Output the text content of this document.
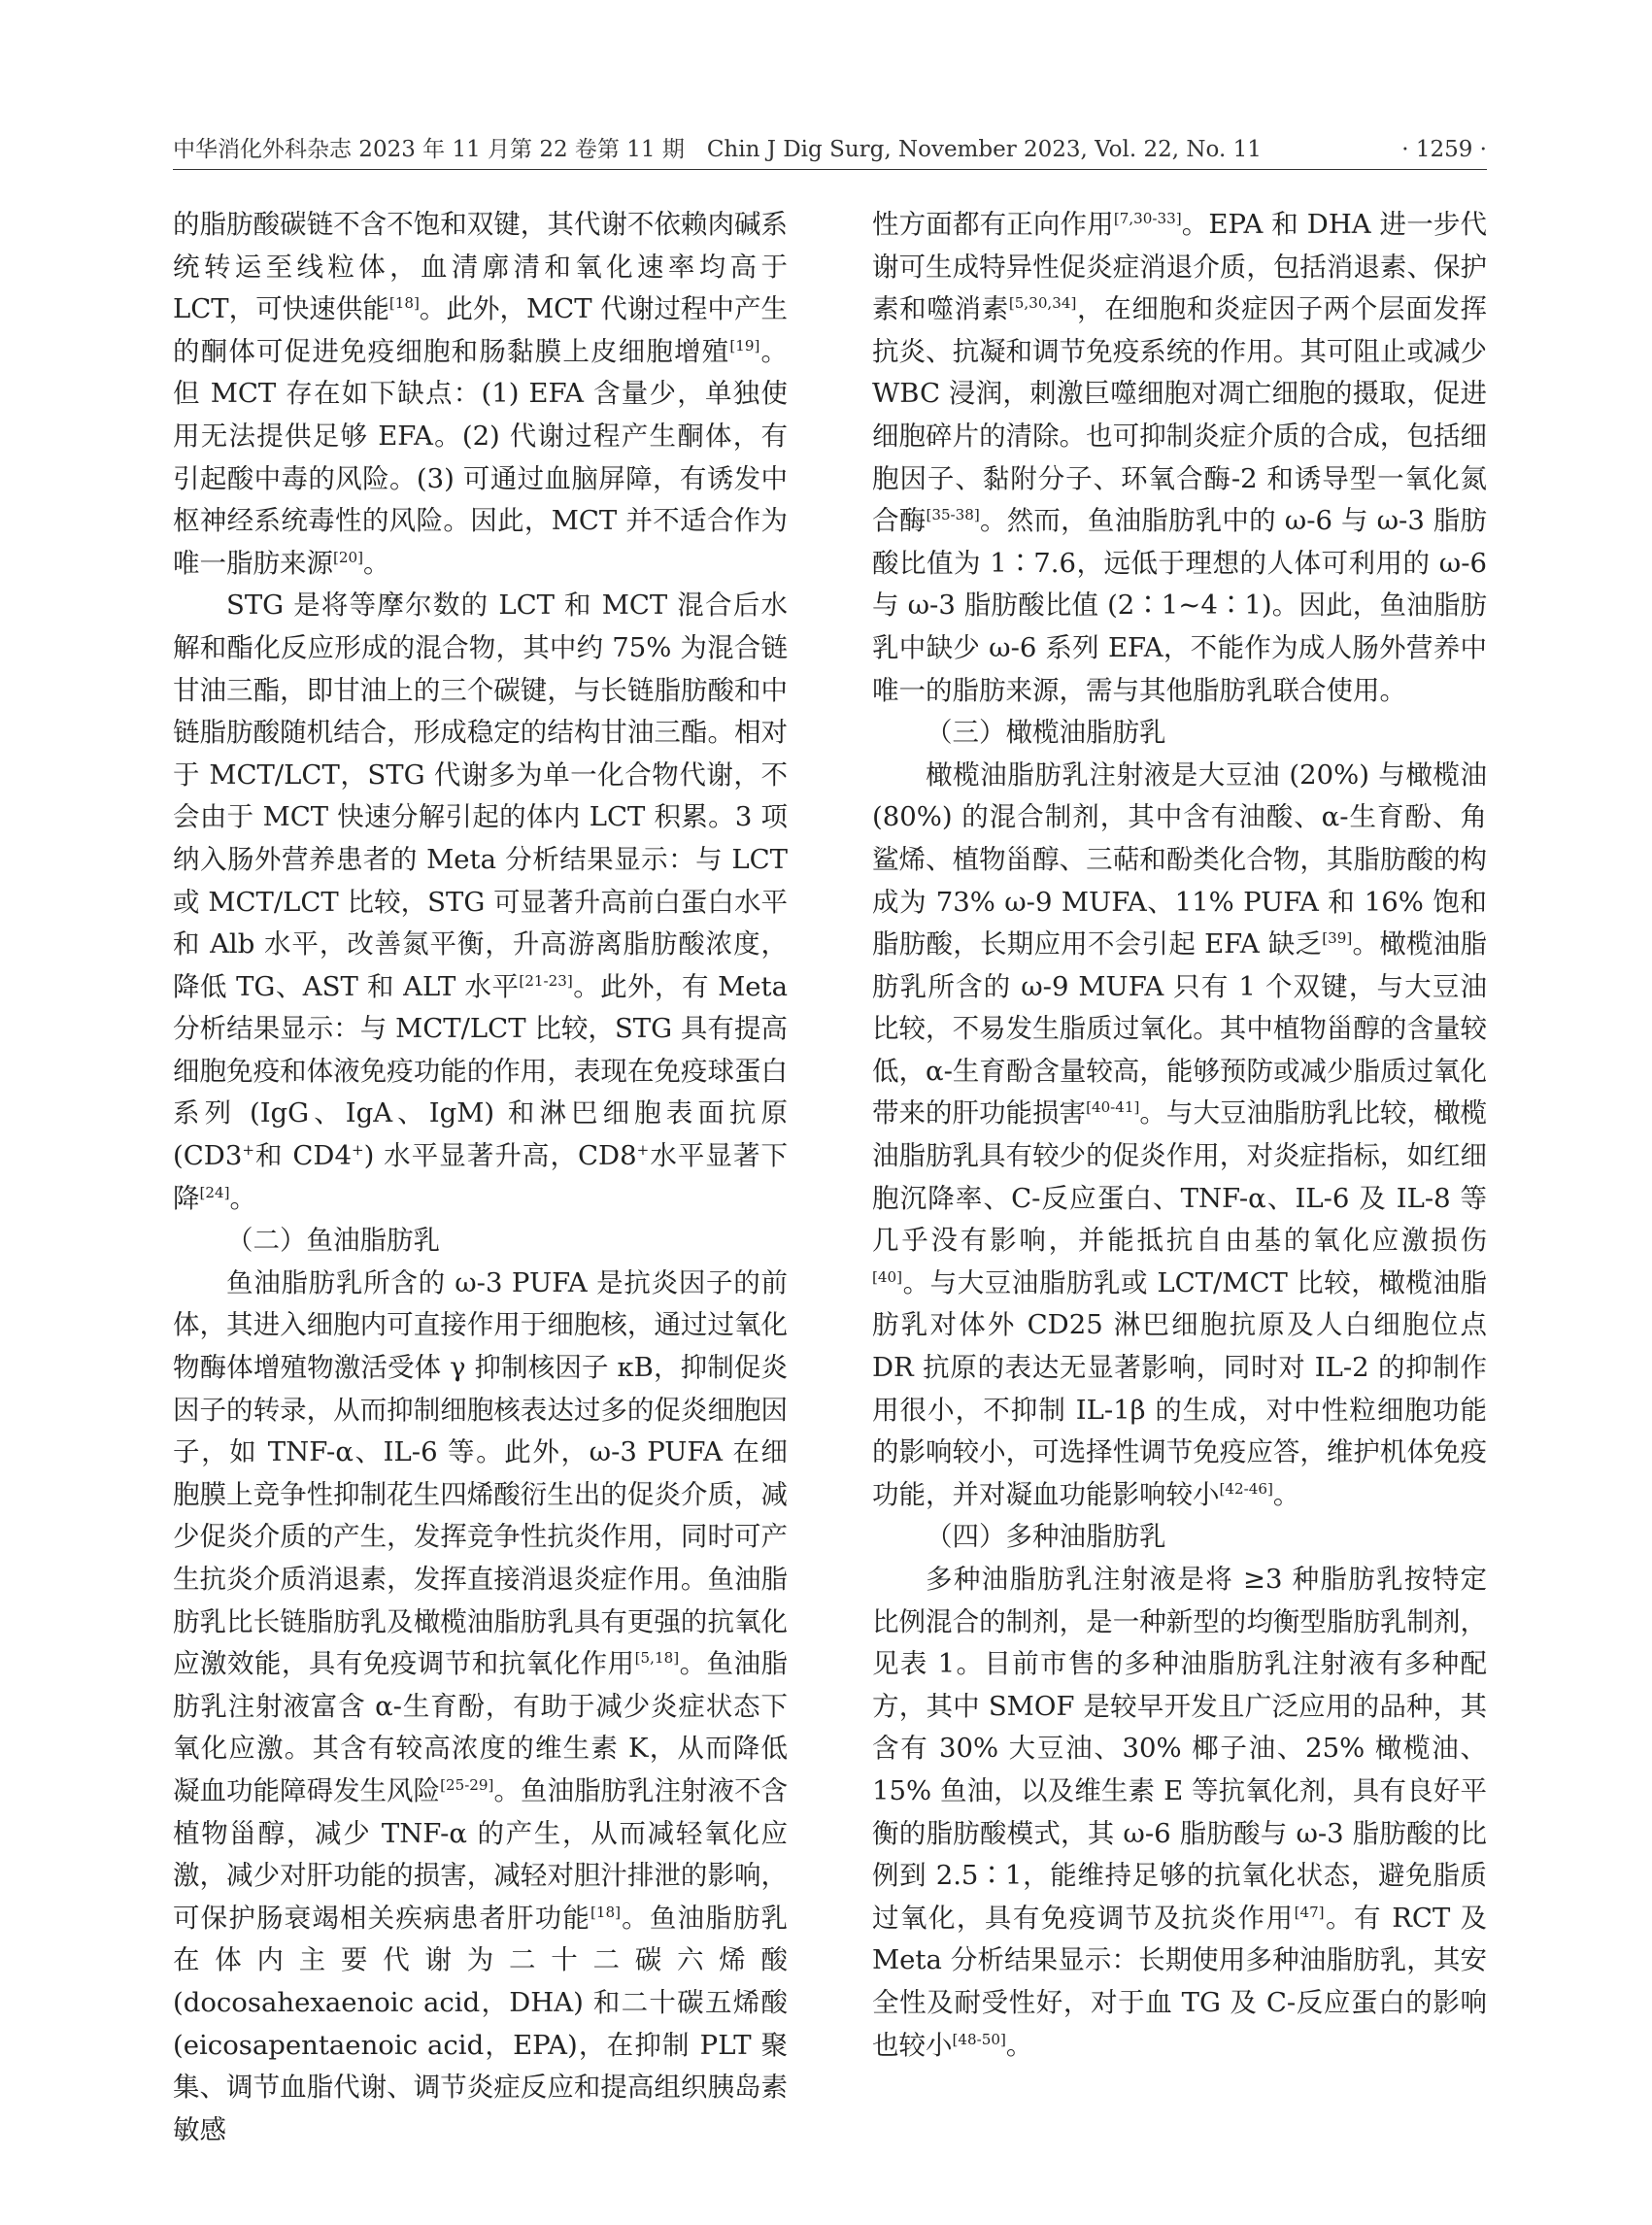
中华消化外科杂志 2023 年 11 月第 22 卷第 11 期　Chin J Dig Surg, November 2023, Vol. 22, No. 11	· 1259 ·

的脂肪酸碳链不含不饱和双键，其代谢不依赖肉碱系统转运至线粒体，血清廓清和氧化速率均高于 LCT，可快速供能[18]。此外，MCT 代谢过程中产生的酮体可促进免疫细胞和肠黏膜上皮细胞增殖[19]。但 MCT 存在如下缺点：(1) EFA 含量少，单独使用无法提供足够 EFA。(2) 代谢过程产生酮体，有引起酸中毒的风险。(3) 可通过血脑屏障，有诱发中枢神经系统毒性的风险。因此，MCT 并不适合作为唯一脂肪来源[20]。

STG 是将等摩尔数的 LCT 和 MCT 混合后水解和酯化反应形成的混合物，其中约 75% 为混合链甘油三酯，即甘油上的三个碳键，与长链脂肪酸和中链脂肪酸随机结合，形成稳定的结构甘油三酯。相对于 MCT/LCT，STG 代谢多为单一化合物代谢，不会由于 MCT 快速分解引起的体内 LCT 积累。3 项纳入肠外营养患者的 Meta 分析结果显示：与 LCT 或 MCT/LCT 比较，STG 可显著升高前白蛋白水平和 Alb 水平，改善氮平衡，升高游离脂肪酸浓度，降低 TG、AST 和 ALT 水平[21-23]。此外，有 Meta 分析结果显示：与 MCT/LCT 比较，STG 具有提高细胞免疫和体液免疫功能的作用，表现在免疫球蛋白系列 (IgG、IgA、IgM) 和淋巴细胞表面抗原 (CD3+和 CD4+) 水平显著升高，CD8+水平显著下降[24]。

（二）鱼油脂肪乳

鱼油脂肪乳所含的 ω-3 PUFA 是抗炎因子的前体，其进入细胞内可直接作用于细胞核，通过过氧化物酶体增殖物激活受体 γ 抑制核因子 κB，抑制促炎因子的转录，从而抑制细胞核表达过多的促炎细胞因子，如 TNF-α、IL-6 等。此外，ω-3 PUFA 在细胞膜上竞争性抑制花生四烯酸衍生出的促炎介质，减少促炎介质的产生，发挥竞争性抗炎作用，同时可产生抗炎介质消退素，发挥直接消退炎症作用。鱼油脂肪乳比长链脂肪乳及橄榄油脂肪乳具有更强的抗氧化应激效能，具有免疫调节和抗氧化作用[5,18]。鱼油脂肪乳注射液富含 α-生育酚，有助于减少炎症状态下氧化应激。其含有较高浓度的维生素 K，从而降低凝血功能障碍发生风险[25-29]。鱼油脂肪乳注射液不含植物甾醇，减少 TNF-α 的产生，从而减轻氧化应激，减少对肝功能的损害，减轻对胆汁排泄的影响，可保护肠衰竭相关疾病患者肝功能[18]。鱼油脂肪乳在体内主要代谢为二十二碳六烯酸 (docosahexaenoic acid，DHA) 和二十碳五烯酸 (eicosapentaenoic acid，EPA)，在抑制 PLT 聚集、调节血脂代谢、调节炎症反应和提高组织胰岛素敏感

性方面都有正向作用[7,30-33]。EPA 和 DHA 进一步代谢可生成特异性促炎症消退介质，包括消退素、保护素和噬消素[5,30,34]，在细胞和炎症因子两个层面发挥抗炎、抗凝和调节免疫系统的作用。其可阻止或减少 WBC 浸润，刺激巨噬细胞对凋亡细胞的摄取，促进细胞碎片的清除。也可抑制炎症介质的合成，包括细胞因子、黏附分子、环氧合酶-2 和诱导型一氧化氮合酶[35-38]。然而，鱼油脂肪乳中的 ω-6 与 ω-3 脂肪酸比值为 1∶7.6，远低于理想的人体可利用的 ω-6 与 ω-3 脂肪酸比值 (2∶1~4∶1)。因此，鱼油脂肪乳中缺少 ω-6 系列 EFA，不能作为成人肠外营养中唯一的脂肪来源，需与其他脂肪乳联合使用。

（三）橄榄油脂肪乳

橄榄油脂肪乳注射液是大豆油 (20%) 与橄榄油 (80%) 的混合制剂，其中含有油酸、α-生育酚、角鲨烯、植物甾醇、三萜和酚类化合物，其脂肪酸的构成为 73% ω-9 MUFA、11% PUFA 和 16% 饱和脂肪酸，长期应用不会引起 EFA 缺乏[39]。橄榄油脂肪乳所含的 ω-9 MUFA 只有 1 个双键，与大豆油比较，不易发生脂质过氧化。其中植物甾醇的含量较低，α-生育酚含量较高，能够预防或减少脂质过氧化带来的肝功能损害[40-41]。与大豆油脂肪乳比较，橄榄油脂肪乳具有较少的促炎作用，对炎症指标，如红细胞沉降率、C-反应蛋白、TNF-α、IL-6 及 IL-8 等几乎没有影响，并能抵抗自由基的氧化应激损伤[40]。与大豆油脂肪乳或 LCT/MCT 比较，橄榄油脂肪乳对体外 CD25 淋巴细胞抗原及人白细胞位点 DR 抗原的表达无显著影响，同时对 IL-2 的抑制作用很小，不抑制 IL-1β 的生成，对中性粒细胞功能的影响较小，可选择性调节免疫应答，维护机体免疫功能，并对凝血功能影响较小[42-46]。

（四）多种油脂肪乳

多种油脂肪乳注射液是将 ≥3 种脂肪乳按特定比例混合的制剂，是一种新型的均衡型脂肪乳制剂，见表 1。目前市售的多种油脂肪乳注射液有多种配方，其中 SMOF 是较早开发且广泛应用的品种，其含有 30% 大豆油、30% 椰子油、25% 橄榄油、15% 鱼油，以及维生素 E 等抗氧化剂，具有良好平衡的脂肪酸模式，其 ω-6 脂肪酸与 ω-3 脂肪酸的比例到 2.5∶1，能维持足够的抗氧化状态，避免脂质过氧化，具有免疫调节及抗炎作用[47]。有 RCT 及 Meta 分析结果显示：长期使用多种油脂肪乳，其安全性及耐受性好，对于血 TG 及 C-反应蛋白的影响也较小[48-50]。
